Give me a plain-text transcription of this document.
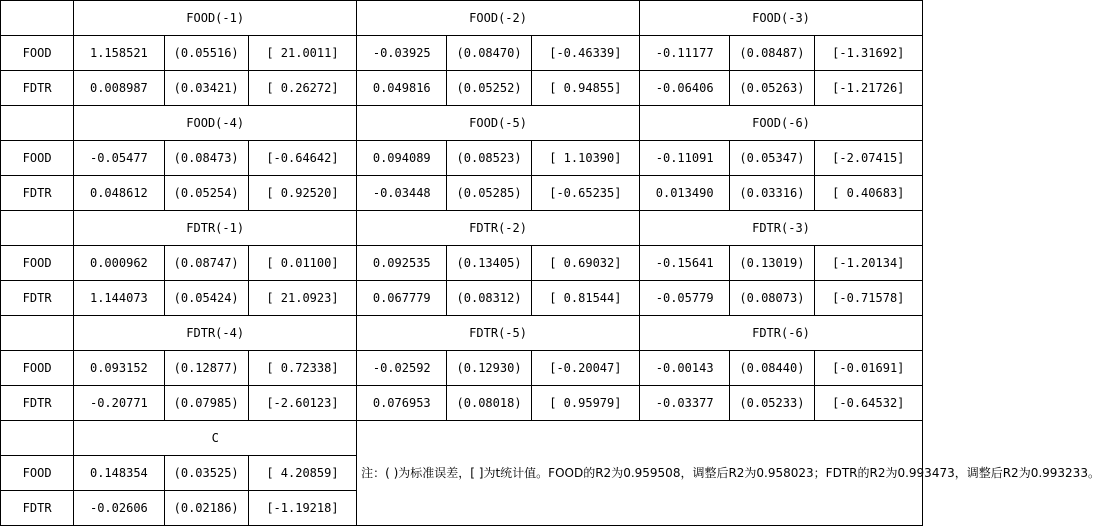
	FOOD(-1)			FOOD(-2)			FOOD(-3)		
FOOD	1.158521	(0.05516)	[ 21.0011]	-0.03925	(0.08470)	[-0.46339]	-0.11177	(0.08487)	[-1.31692]
FDTR	0.008987	(0.03421)	[ 0.26272]	0.049816	(0.05252)	[ 0.94855]	-0.06406	(0.05263)	[-1.21726]
	FOOD(-4)			FOOD(-5)			FOOD(-6)		
FOOD	-0.05477	(0.08473)	[-0.64642]	0.094089	(0.08523)	[ 1.10390]	-0.11091	(0.05347)	[-2.07415]
FDTR	0.048612	(0.05254)	[ 0.92520]	-0.03448	(0.05285)	[-0.65235]	0.013490	(0.03316)	[ 0.40683]
	FDTR(-1)			FDTR(-2)			FDTR(-3)		
FOOD	0.000962	(0.08747)	[ 0.01100]	0.092535	(0.13405)	[ 0.69032]	-0.15641	(0.13019)	[-1.20134]
FDTR	1.144073	(0.05424)	[ 21.0923]	0.067779	(0.08312)	[ 0.81544]	-0.05779	(0.08073)	[-0.71578]
	FDTR(-4)			FDTR(-5)			FDTR(-6)		
FOOD	0.093152	(0.12877)	[ 0.72338]	-0.02592	(0.12930)	[-0.20047]	-0.00143	(0.08440)	[-0.01691]
FDTR	-0.20771	(0.07985)	[-2.60123]	0.076953	(0.08018)	[ 0.95979]	-0.03377	(0.05233)	[-0.64532]
	C			注：( )为标准误差，[ ]为t统计值。FOOD的R2为0.959508，调整后R2为0.958023；FDTR的R2为0.993473，调整后R2为0.993233。					
FOOD	0.148354	(0.03525)	[ 4.20859]						
FDTR	-0.02606	(0.02186)	[-1.19218]						
